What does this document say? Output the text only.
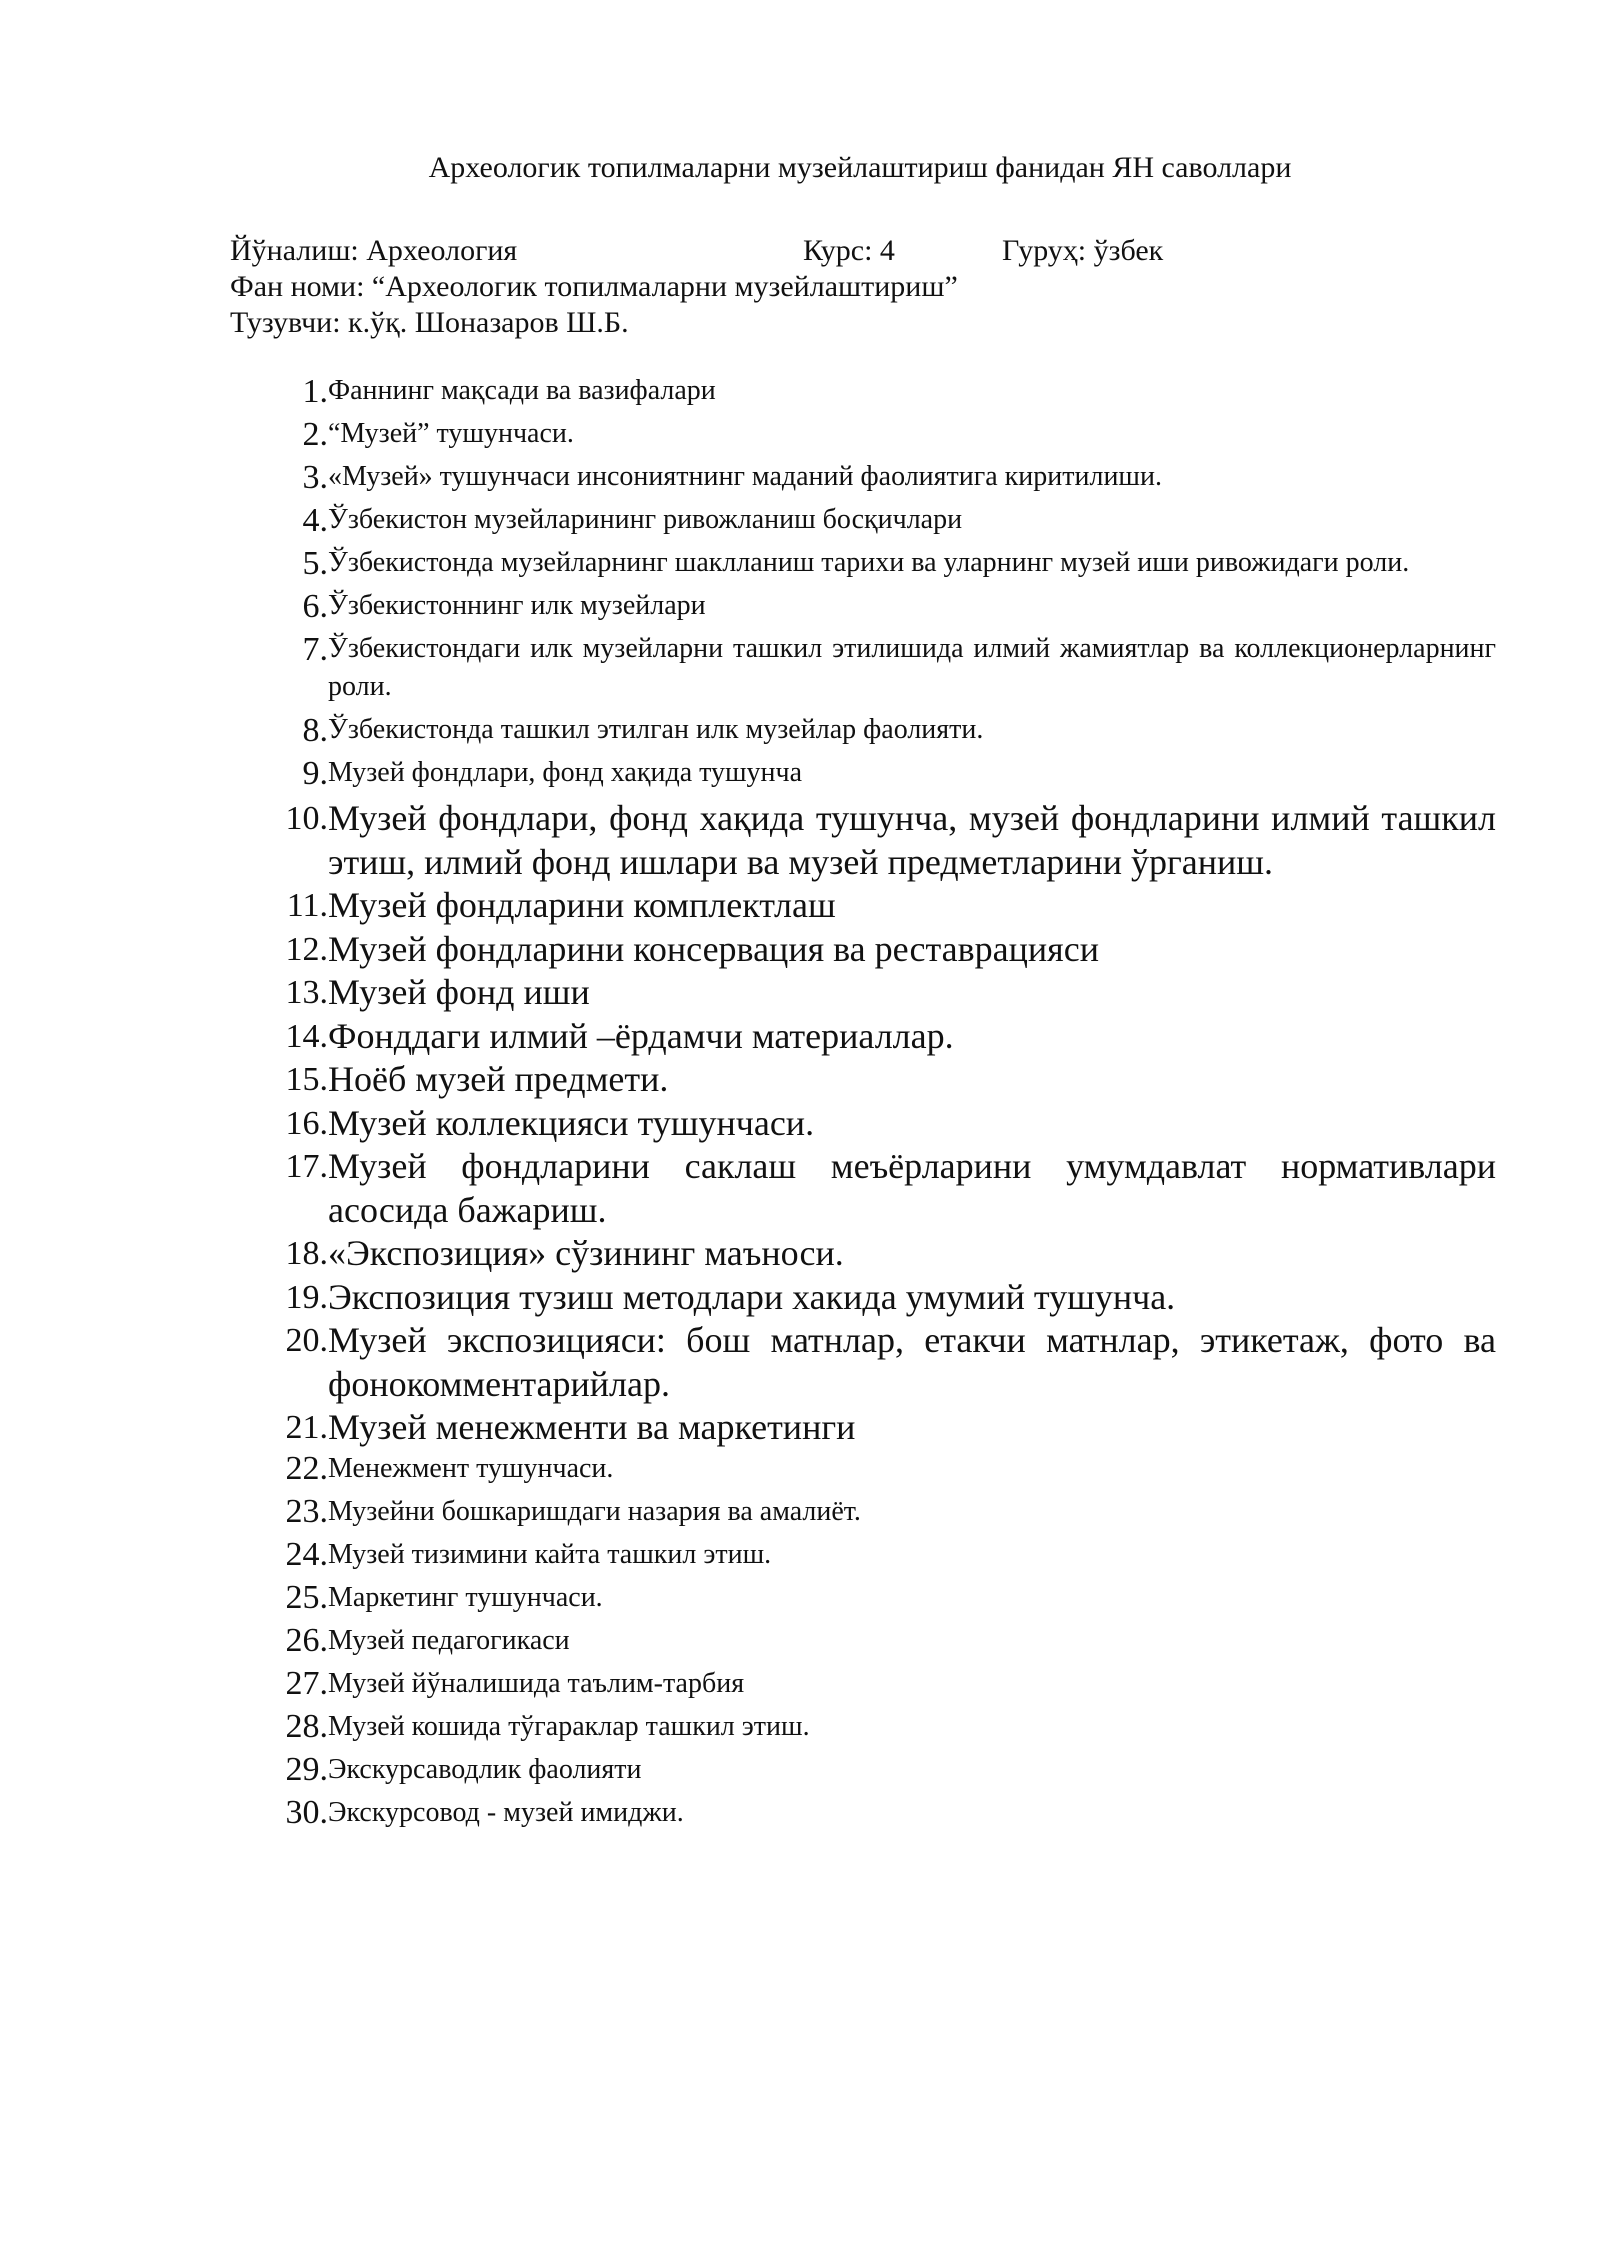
Археологик топилмаларни музейлаштириш фанидан ЯН саволлари
Йўналиш: Археология	Курс: 4	Гуруҳ: ўзбек
Фан номи: “Археологик топилмаларни музейлаштириш”
Тузувчи: к.ўқ. Шоназаров Ш.Б.
1. Фаннинг мақсади ва вазифалари
2. “Музей” тушунчаси.
3. «Музей» тушунчаси инсониятнинг маданий фаолиятига киритилиши.
4. Ўзбекистон музейларининг ривожланиш босқичлари
5. Ўзбекистонда музейларнинг шаклланиш тарихи ва уларнинг музей иши ривожидаги роли.
6. Ўзбекистоннинг илк музейлари
7. Ўзбекистондаги илк музейларни ташкил этилишида илмий жамиятлар ва коллекционерларнинг роли.
8. Ўзбекистонда ташкил этилган илк музейлар фаолияти.
9. Музей фондлари, фонд хақида тушунча
10. Музей фондлари, фонд хақида тушунча, музей фондларини илмий ташкил этиш, илмий фонд ишлари ва музей предметларини ўрганиш.
11. Музей фондларини комплектлаш
12. Музей фондларини консервация ва реставрацияси
13. Музей фонд иши
14. Фонддаги илмий –ёрдамчи материаллар.
15. Ноёб музей предмети.
16. Музей коллекцияси тушунчаси.
17. Музей фондларини саклаш меъёрларини умумдавлат нормативлари асосида бажариш.
18. «Экспозиция» сўзининг маъноси.
19. Экспозиция тузиш методлари хакида умумий тушунча.
20. Музей экспозицияси: бош матнлар, етакчи матнлар, этикетаж, фото ва фонокомментарийлар.
21. Музей менежменти ва маркетинги
22. Менежмент тушунчаси.
23. Музейни бошкаришдаги назария ва амалиёт.
24. Музей тизимини кайта ташкил этиш.
25. Маркетинг тушунчаси.
26. Музей педагогикаси
27. Музей йўналишида таълим-тарбия
28. Музей кошида тўгараклар ташкил этиш.
29. Экскурсаводлик фаолияти
30. Экскурсовод - музей имиджи.
